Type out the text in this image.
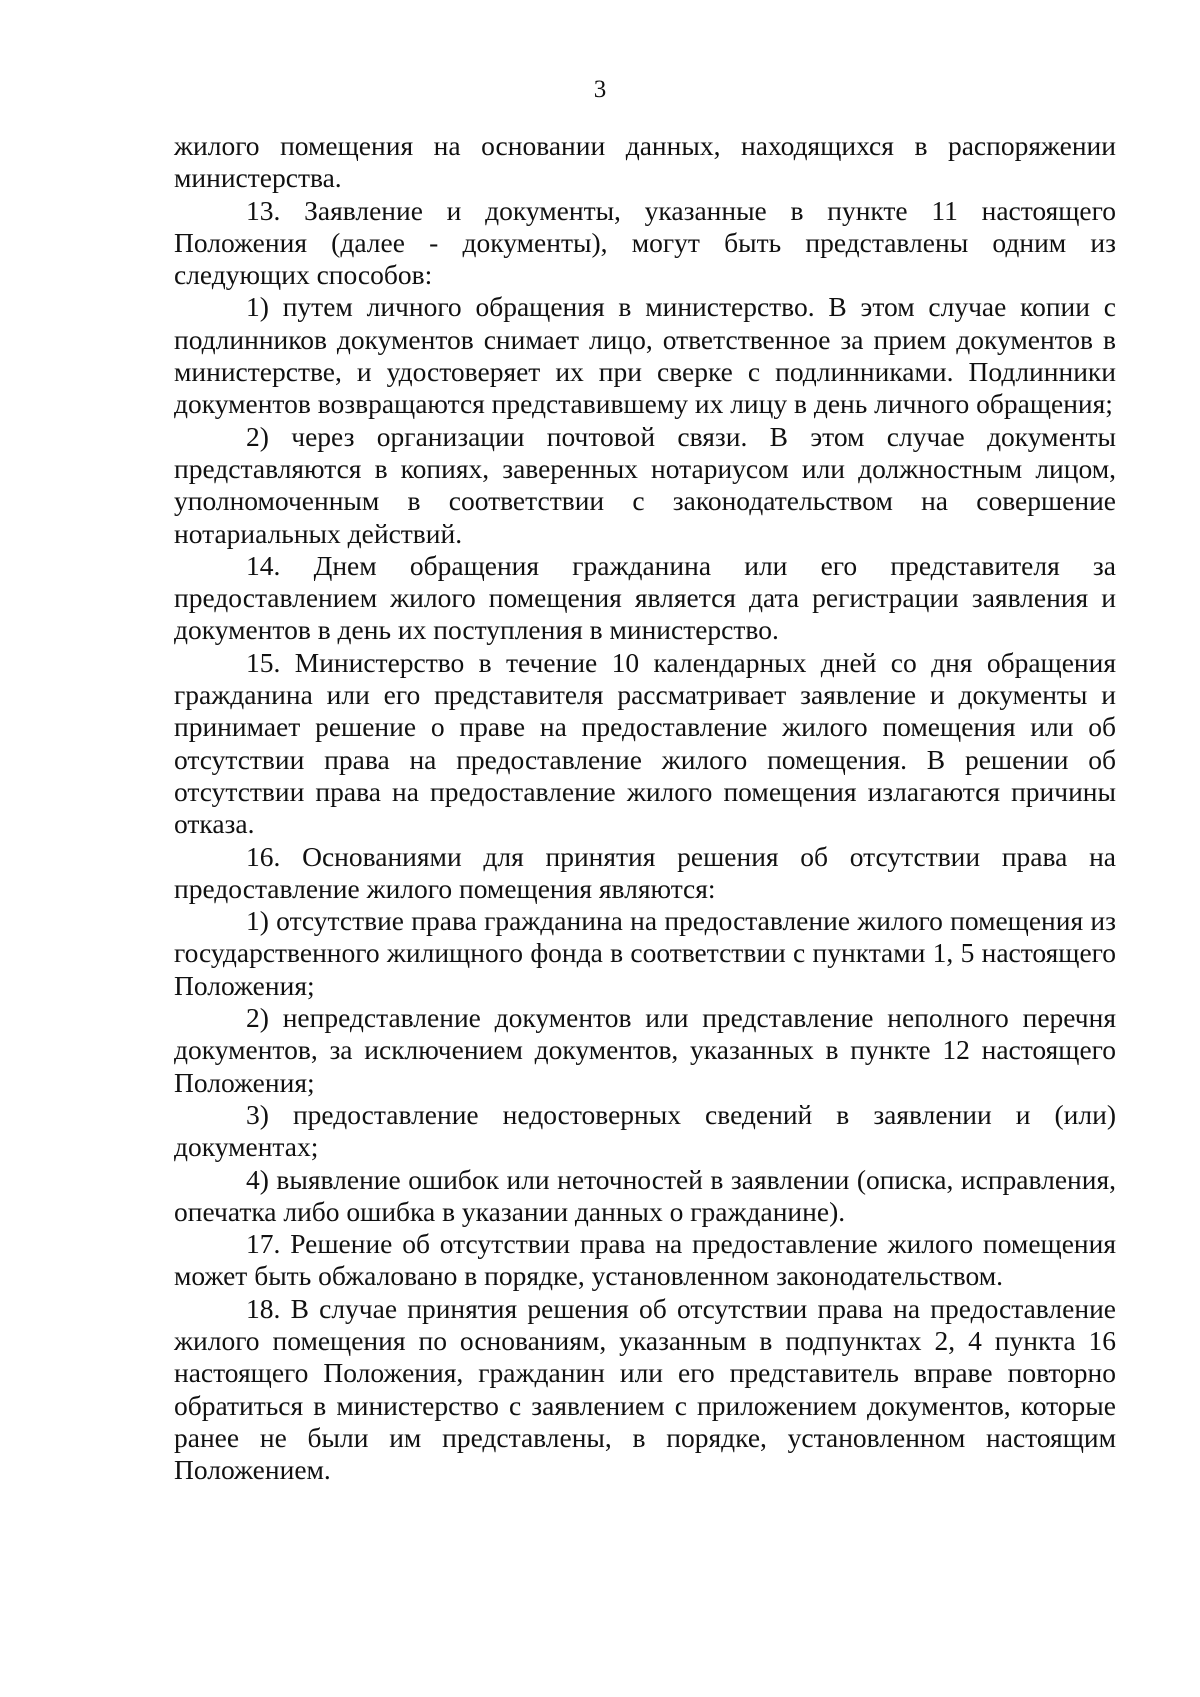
3

жилого помещения на основании данных, находящихся в распоряжении министерства.

13. Заявление и документы, указанные в пункте 11 настоящего Положения (далее - документы), могут быть представлены одним из следующих способов:

1) путем личного обращения в министерство. В этом случае копии с подлинников документов снимает лицо, ответственное за прием документов в министерстве, и удостоверяет их при сверке с подлинниками. Подлинники документов возвращаются представившему их лицу в день личного обращения;

2) через организации почтовой связи. В этом случае документы представляются в копиях, заверенных нотариусом или должностным лицом, уполномоченным в соответствии с законодательством на совершение нотариальных действий.

14. Днем обращения гражданина или его представителя за предоставлением жилого помещения является дата регистрации заявления и документов в день их поступления в министерство.

15. Министерство в течение 10 календарных дней со дня обращения гражданина или его представителя рассматривает заявление и документы и принимает решение о праве на предоставление жилого помещения или об отсутствии права на предоставление жилого помещения. В решении об отсутствии права на предоставление жилого помещения излагаются причины отказа.

16. Основаниями для принятия решения об отсутствии права на предоставление жилого помещения являются:

1) отсутствие права гражданина на предоставление жилого помещения из государственного жилищного фонда в соответствии с пунктами 1, 5 настоящего Положения;

2) непредставление документов или представление неполного перечня документов, за исключением документов, указанных в пункте 12 настоящего Положения;

3) предоставление недостоверных сведений в заявлении и (или) документах;

4) выявление ошибок или неточностей в заявлении (описка, исправления, опечатка либо ошибка в указании данных о гражданине).

17. Решение об отсутствии права на предоставление жилого помещения может быть обжаловано в порядке, установленном законодательством.

18. В случае принятия решения об отсутствии права на предоставление жилого помещения по основаниям, указанным в подпунктах 2, 4 пункта 16 настоящего Положения, гражданин или его представитель вправе повторно обратиться в министерство с заявлением с приложением документов, которые ранее не были им представлены, в порядке, установленном настоящим Положением.
